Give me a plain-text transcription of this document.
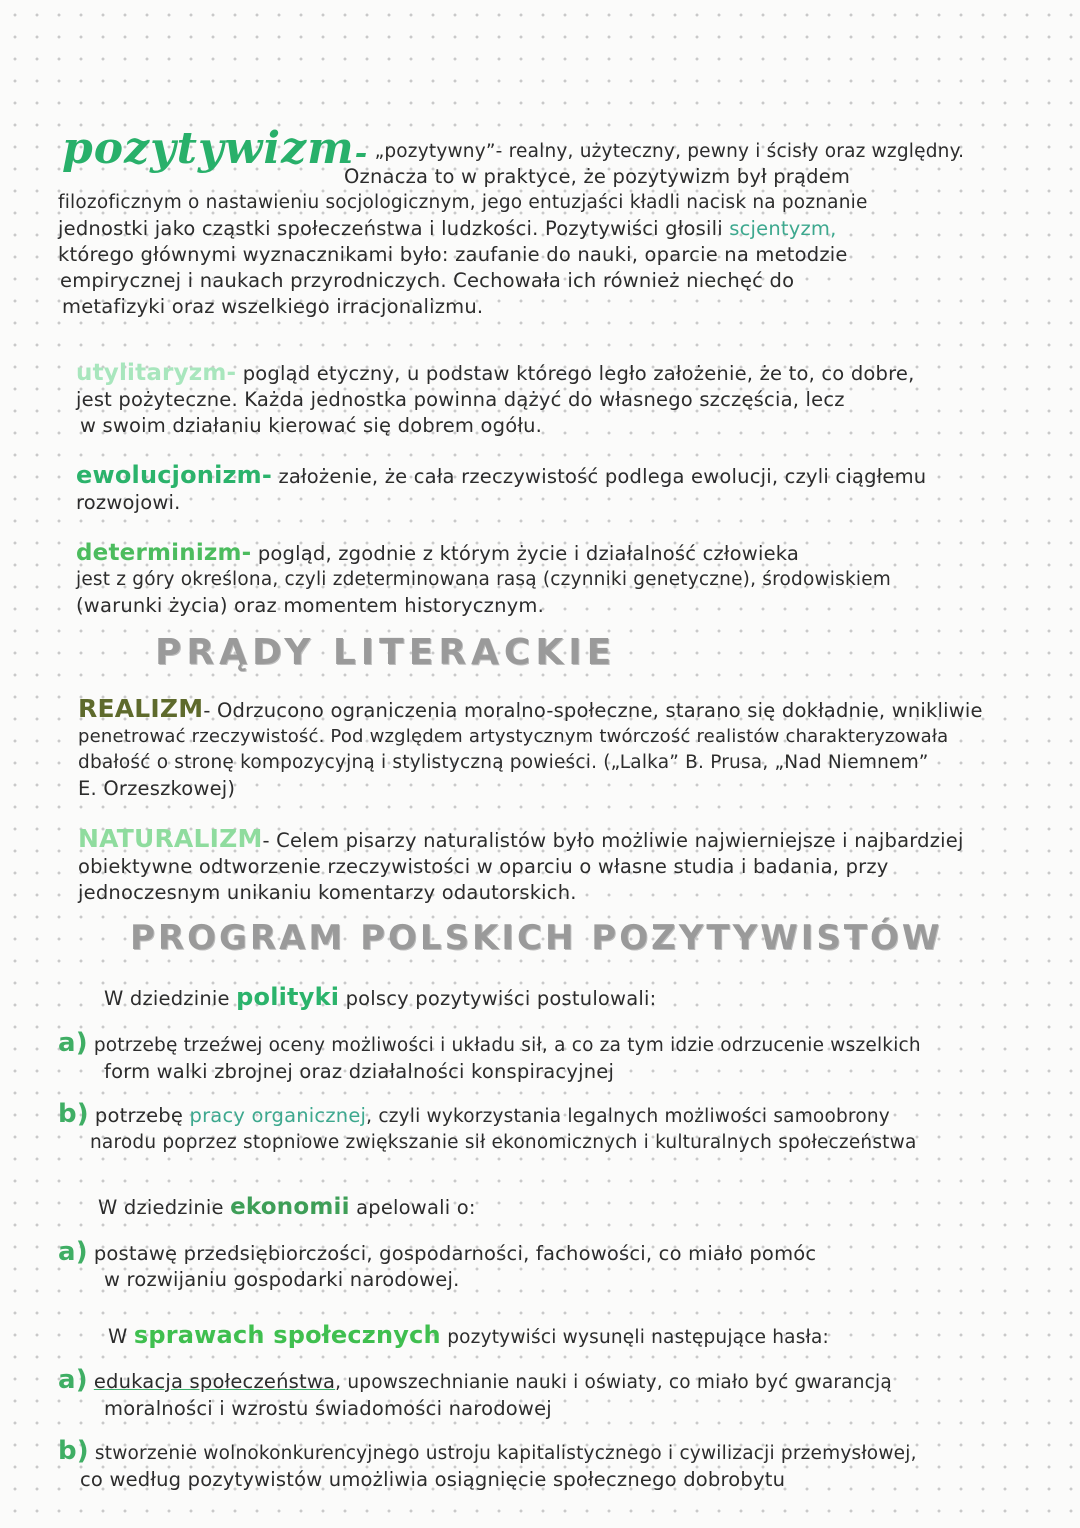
pozytywizm- „pozytywny”- realny, użyteczny, pewny i ścisły oraz względny.

Oznacza to w praktyce, że pozytywizm był prądem

filozoficznym o nastawieniu socjologicznym, jego entuzjaści kładli nacisk na poznanie

jednostki jako cząstki społeczeństwa i ludzkości. Pozytywiści głosili scjentyzm,

którego głównymi wyznacznikami było: zaufanie do nauki, oparcie na metodzie

empirycznej i naukach przyrodniczych. Cechowała ich również niechęć do

metafizyki oraz wszelkiego irracjonalizmu.

utylitaryzm- pogląd etyczny, u podstaw którego legło założenie, że to, co dobre,

jest pożyteczne. Każda jednostka powinna dążyć do własnego szczęścia, lecz

w swoim działaniu kierować się dobrem ogółu.

ewolucjonizm- założenie, że cała rzeczywistość podlega ewolucji, czyli ciągłemu

rozwojowi.

determinizm- pogląd, zgodnie z którym życie i działalność człowieka

jest z góry określona, czyli zdeterminowana rasą (czynniki genetyczne), środowiskiem

(warunki życia) oraz momentem historycznym.

PRĄDY LITERACKIE

REALIZM- Odrzucono ograniczenia moralno-społeczne, starano się dokładnie, wnikliwie

penetrować rzeczywistość. Pod względem artystycznym twórczość realistów charakteryzowała

dbałość o stronę kompozycyjną i stylistyczną powieści. („Lalka” B. Prusa, „Nad Niemnem”

E. Orzeszkowej)

NATURALIZM- Celem pisarzy naturalistów było możliwie najwierniejsze i najbardziej

obiektywne odtworzenie rzeczywistości w oparciu o własne studia i badania, przy

jednoczesnym unikaniu komentarzy odautorskich.

PROGRAM POLSKICH POZYTYWISTÓW

W dziedzinie polityki polscy pozytywiści postulowali:

a) potrzebę trzeźwej oceny możliwości i układu sił, a co za tym idzie odrzucenie wszelkich

form walki zbrojnej oraz działalności konspiracyjnej

b) potrzebę pracy organicznej, czyli wykorzystania legalnych możliwości samoobrony

narodu poprzez stopniowe zwiększanie sił ekonomicznych i kulturalnych społeczeństwa

W dziedzinie ekonomii apelowali o:

a) postawę przedsiębiorczości, gospodarności, fachowości, co miało pomóc

w rozwijaniu gospodarki narodowej.

W sprawach społecznych pozytywiści wysunęli następujące hasła:

a) edukacja społeczeństwa, upowszechnianie nauki i oświaty, co miało być gwarancją

moralności i wzrostu świadomości narodowej

b) stworzenie wolnokonkurencyjnego ustroju kapitalistycznego i cywilizacji przemysłowej,

co według pozytywistów umożliwia osiągnięcie społecznego dobrobytu
